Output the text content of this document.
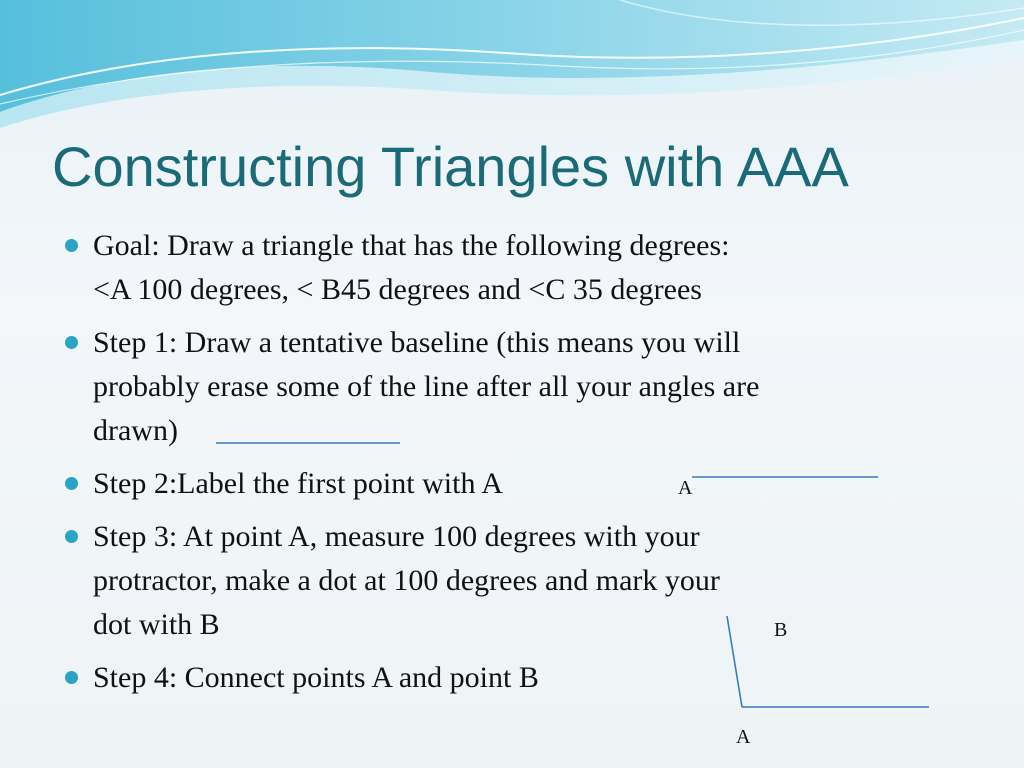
Constructing Triangles with AAA
Goal: Draw a triangle that has the following degrees:
<A 100 degrees, < B45 degrees and <C 35 degrees
Step 1: Draw a tentative baseline (this means you will
probably erase some of the line after all your angles are
drawn)
Step 2:Label the first point with A
Step 3: At point A, measure 100 degrees with your
protractor, make a dot at 100 degrees and mark your
dot with B
Step 4: Connect points A and point B
A
B
A
